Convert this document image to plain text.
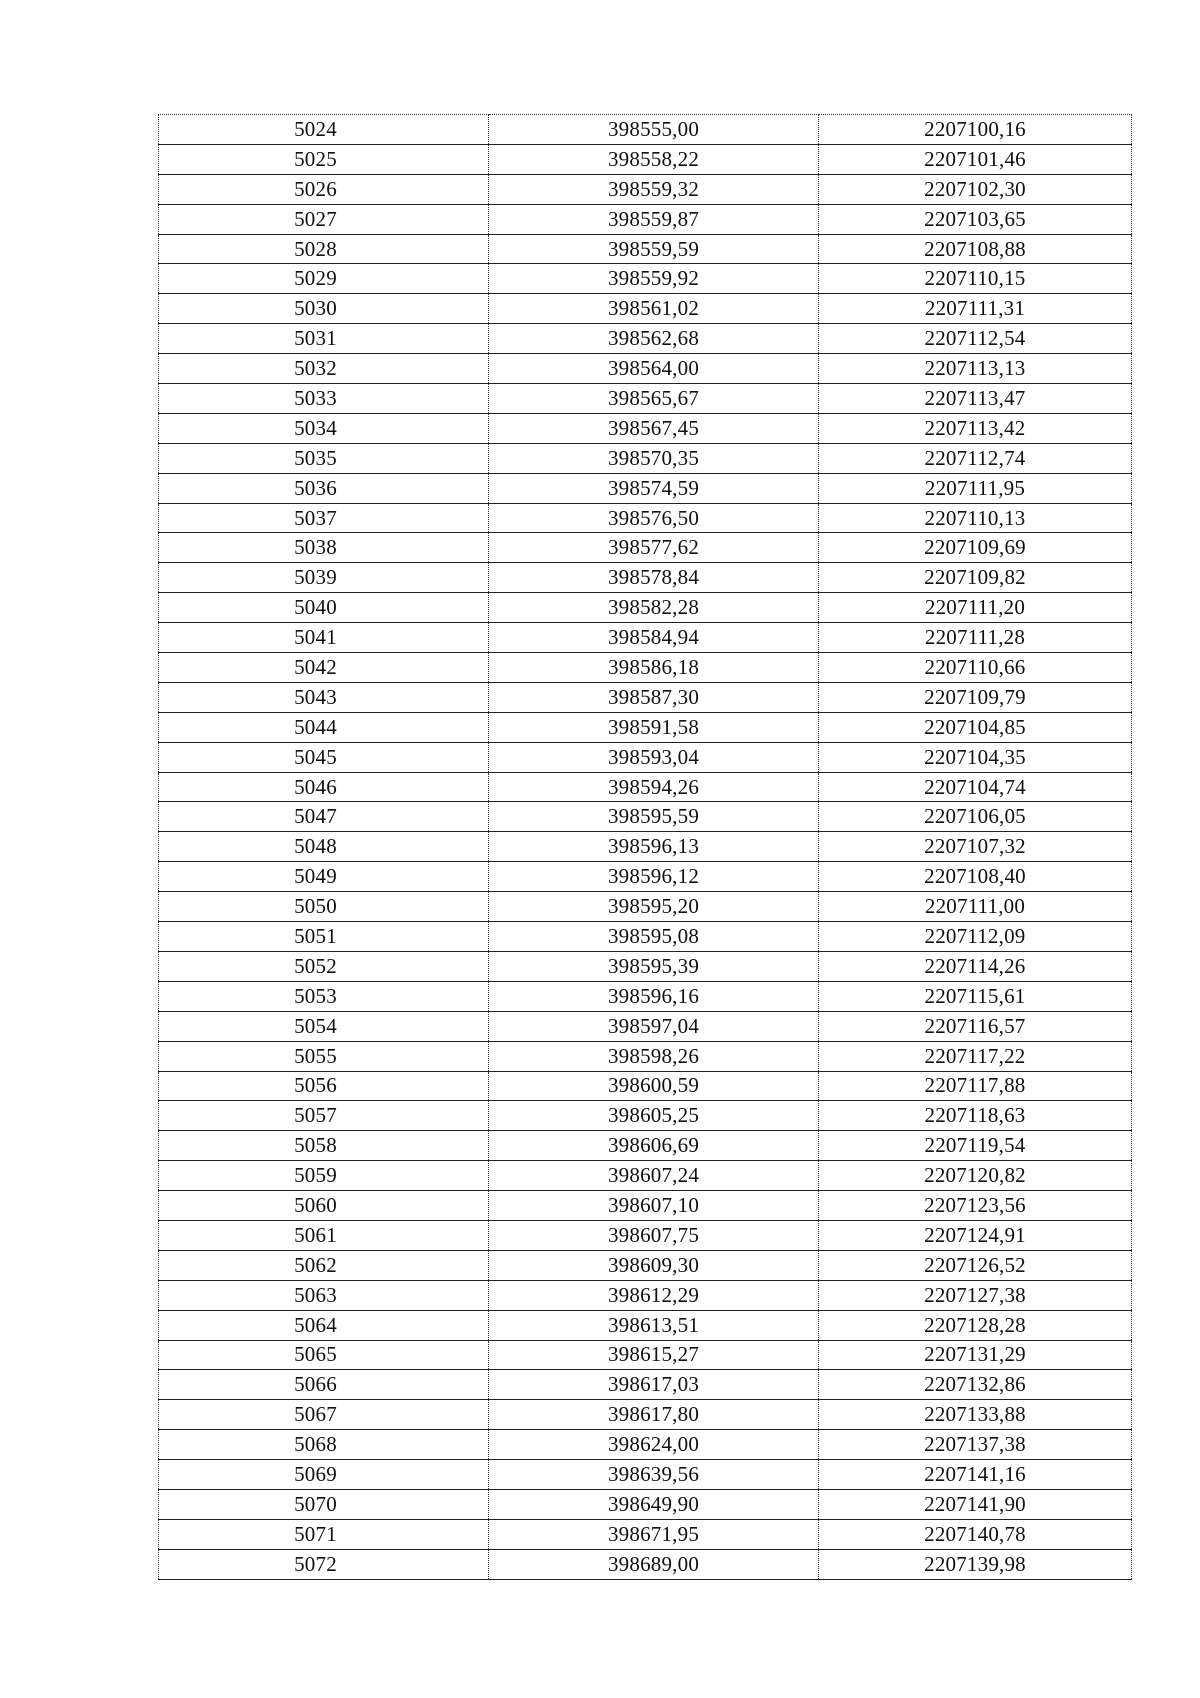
5024	398555,00	2207100,16
5025	398558,22	2207101,46
5026	398559,32	2207102,30
5027	398559,87	2207103,65
5028	398559,59	2207108,88
5029	398559,92	2207110,15
5030	398561,02	2207111,31
5031	398562,68	2207112,54
5032	398564,00	2207113,13
5033	398565,67	2207113,47
5034	398567,45	2207113,42
5035	398570,35	2207112,74
5036	398574,59	2207111,95
5037	398576,50	2207110,13
5038	398577,62	2207109,69
5039	398578,84	2207109,82
5040	398582,28	2207111,20
5041	398584,94	2207111,28
5042	398586,18	2207110,66
5043	398587,30	2207109,79
5044	398591,58	2207104,85
5045	398593,04	2207104,35
5046	398594,26	2207104,74
5047	398595,59	2207106,05
5048	398596,13	2207107,32
5049	398596,12	2207108,40
5050	398595,20	2207111,00
5051	398595,08	2207112,09
5052	398595,39	2207114,26
5053	398596,16	2207115,61
5054	398597,04	2207116,57
5055	398598,26	2207117,22
5056	398600,59	2207117,88
5057	398605,25	2207118,63
5058	398606,69	2207119,54
5059	398607,24	2207120,82
5060	398607,10	2207123,56
5061	398607,75	2207124,91
5062	398609,30	2207126,52
5063	398612,29	2207127,38
5064	398613,51	2207128,28
5065	398615,27	2207131,29
5066	398617,03	2207132,86
5067	398617,80	2207133,88
5068	398624,00	2207137,38
5069	398639,56	2207141,16
5070	398649,90	2207141,90
5071	398671,95	2207140,78
5072	398689,00	2207139,98
